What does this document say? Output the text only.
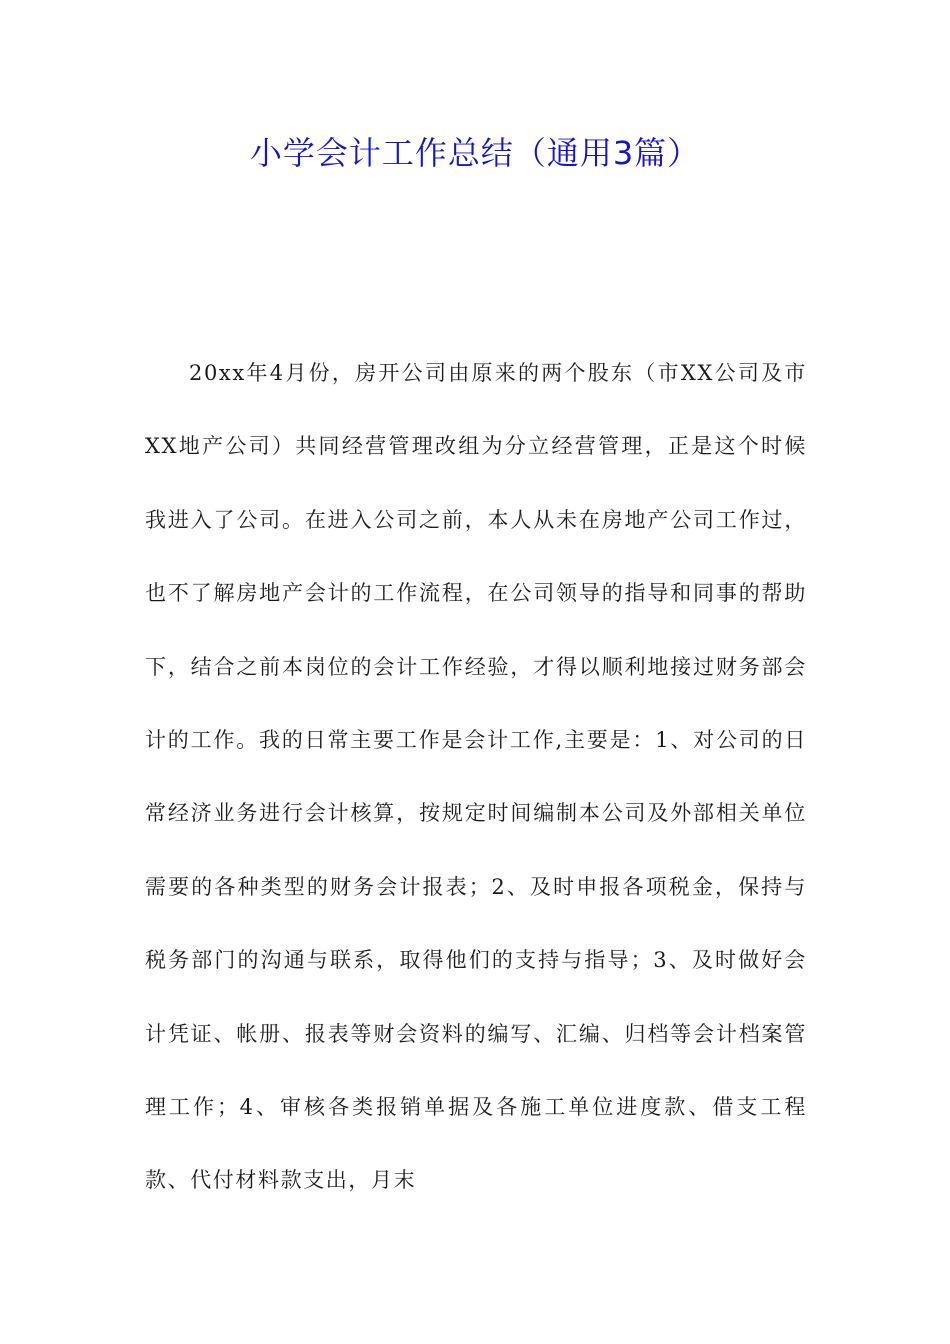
小学会计工作总结（通用3篇）

20xx年4月份，房开公司由原来的两个股东（市XX公司及市XX地产公司）共同经营管理改组为分立经营管理，正是这个时候我进入了公司。在进入公司之前，本人从未在房地产公司工作过，也不了解房地产会计的工作流程，在公司领导的指导和同事的帮助下，结合之前本岗位的会计工作经验，才得以顺利地接过财务部会计的工作。我的日常主要工作是会计工作,主要是：1、对公司的日常经济业务进行会计核算，按规定时间编制本公司及外部相关单位需要的各种类型的财务会计报表；2、及时申报各项税金，保持与税务部门的沟通与联系，取得他们的支持与指导；3、及时做好会计凭证、帐册、报表等财会资料的编写、汇编、归档等会计档案管理工作；4、审核各类报销单据及各施工单位进度款、借支工程款、代付材料款支出，月末
